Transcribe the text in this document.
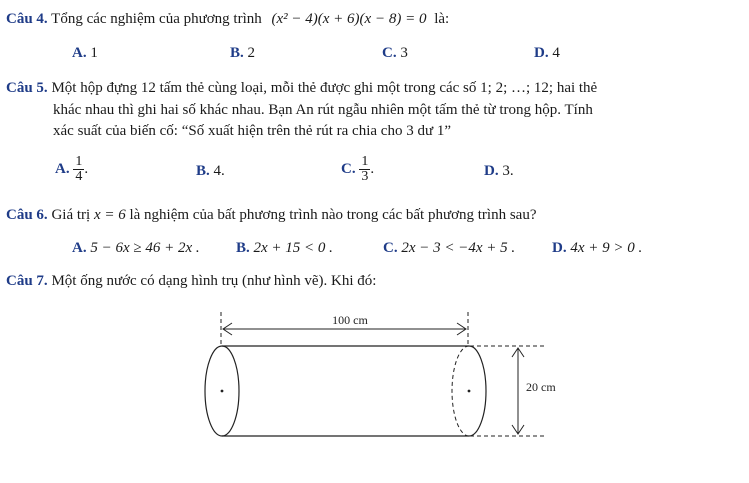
Câu 4. Tổng các nghiệm của phương trình (x² − 4)(x + 6)(x − 8) = 0 là:
A. 1	B. 2	C. 3	D. 4
Câu 5. Một hộp đựng 12 tấm thẻ cùng loại, mỗi thẻ được ghi một trong các số 1; 2; …; 12; hai thẻ
khác nhau thì ghi hai số khác nhau. Bạn An rút ngẫu nhiên một tấm thẻ từ trong hộp. Tính
xác suất của biến cố: “Số xuất hiện trên thẻ rút ra chia cho 3 dư 1”
A. $\frac{1}{4}$ .	B. 4.	C. $\frac{1}{3}$ .	D. 3.
Câu 6. Giá trị x = 6 là nghiệm của bất phương trình nào trong các bất phương trình sau?
A. 5 − 6x ≥ 46 + 2x . B. 2x + 15 < 0 .	C. 2x − 3 < −4x + 5 . D. 4x + 9 > 0 .
Câu 7. Một ống nước có dạng hình trụ (như hình vẽ). Khi đó:
100 cm
20 cm
